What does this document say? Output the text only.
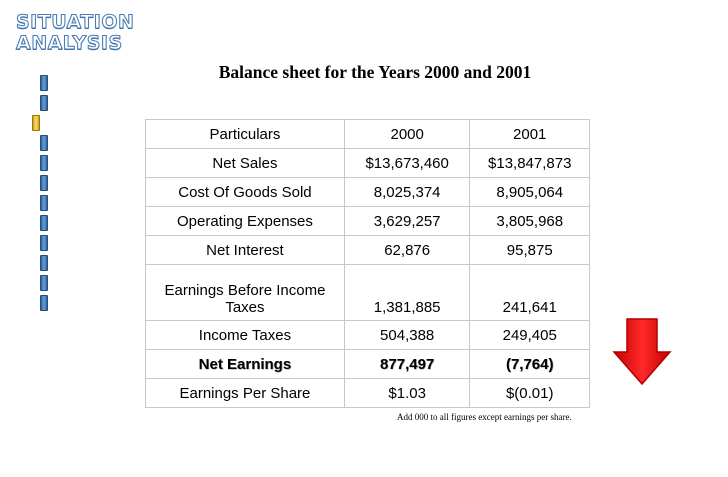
SITUATION
ANALYSIS
Balance sheet for the Years 2000 and 2001
Particulars	2000	2001
Net Sales	$13,673,460	$13,847,873
Cost Of Goods Sold	8,025,374	8,905,064
Operating Expenses	3,629,257	3,805,968
Net Interest	62,876	95,875
Earnings Before Income Taxes	1,381,885	241,641
Income Taxes	504,388	249,405
Net Earnings	877,497	(7,764)
Earnings Per Share	$1.03	$(0.01)
Add 000 to all figures except earnings per share.
